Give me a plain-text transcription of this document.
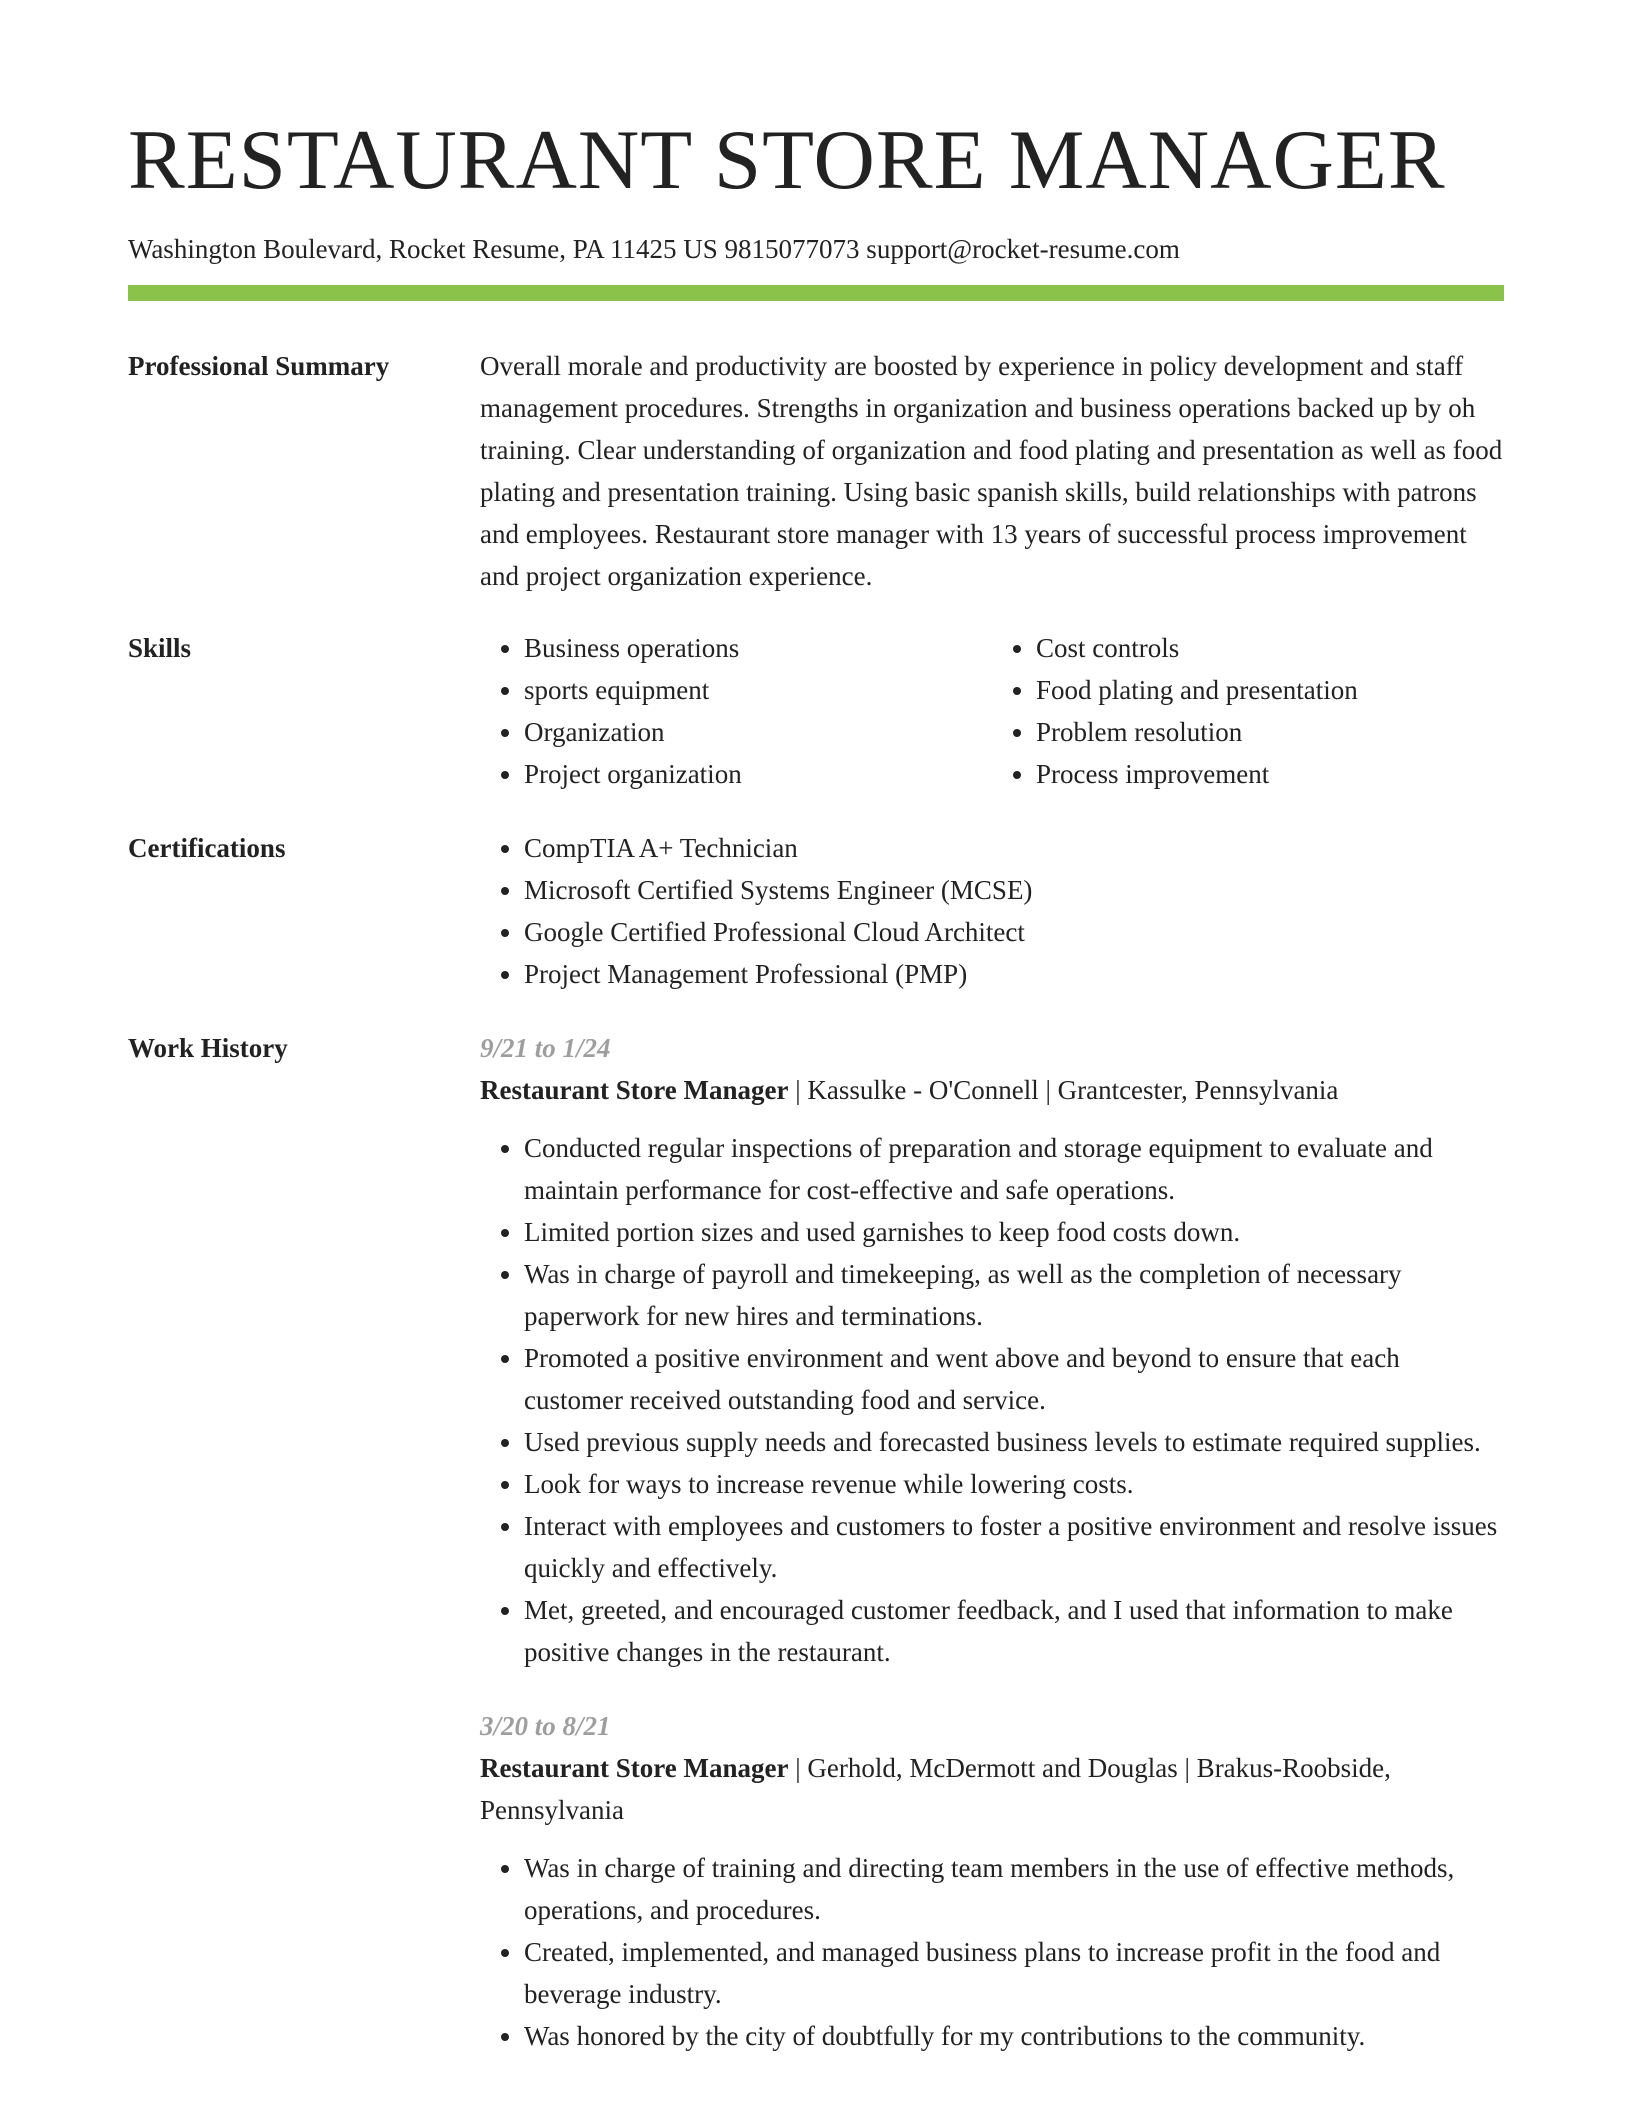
RESTAURANT STORE MANAGER
Washington Boulevard, Rocket Resume, PA 11425 US 9815077073 support@rocket-resume.com
Professional Summary	Overall morale and productivity are boosted by experience in policy development and staff management procedures. Strengths in organization and business operations backed up by oh training. Clear understanding of organization and food plating and presentation as well as food plating and presentation training. Using basic spanish skills, build relationships with patrons and employees. Restaurant store manager with 13 years of successful process improvement and project organization experience.

Skills	• Business operations
• sports equipment
• Organization
• Project organization
• Cost controls
• Food plating and presentation
• Problem resolution
• Process improvement
Certifications	• CompTIA A+ Technician
• Microsoft Certified Systems Engineer (MCSE)
• Google Certified Professional Cloud Architect
• Project Management Professional (PMP)
Work History	9/21 to 1/24
Restaurant Store Manager | Kassulke - O'Connell | Grantcester, Pennsylvania
• Conducted regular inspections of preparation and storage equipment to evaluate and maintain performance for cost-effective and safe operations.
• Limited portion sizes and used garnishes to keep food costs down.
• Was in charge of payroll and timekeeping, as well as the completion of necessary paperwork for new hires and terminations.
• Promoted a positive environment and went above and beyond to ensure that each customer received outstanding food and service.
• Used previous supply needs and forecasted business levels to estimate required supplies.
• Look for ways to increase revenue while lowering costs.
• Interact with employees and customers to foster a positive environment and resolve issues quickly and effectively.
• Met, greeted, and encouraged customer feedback, and I used that information to make positive changes in the restaurant.
3/20 to 8/21
Restaurant Store Manager | Gerhold, McDermott and Douglas | Brakus-Roobside, Pennsylvania
• Was in charge of training and directing team members in the use of effective methods, operations, and procedures.
• Created, implemented, and managed business plans to increase profit in the food and beverage industry.
• Was honored by the city of doubtfully for my contributions to the community.
